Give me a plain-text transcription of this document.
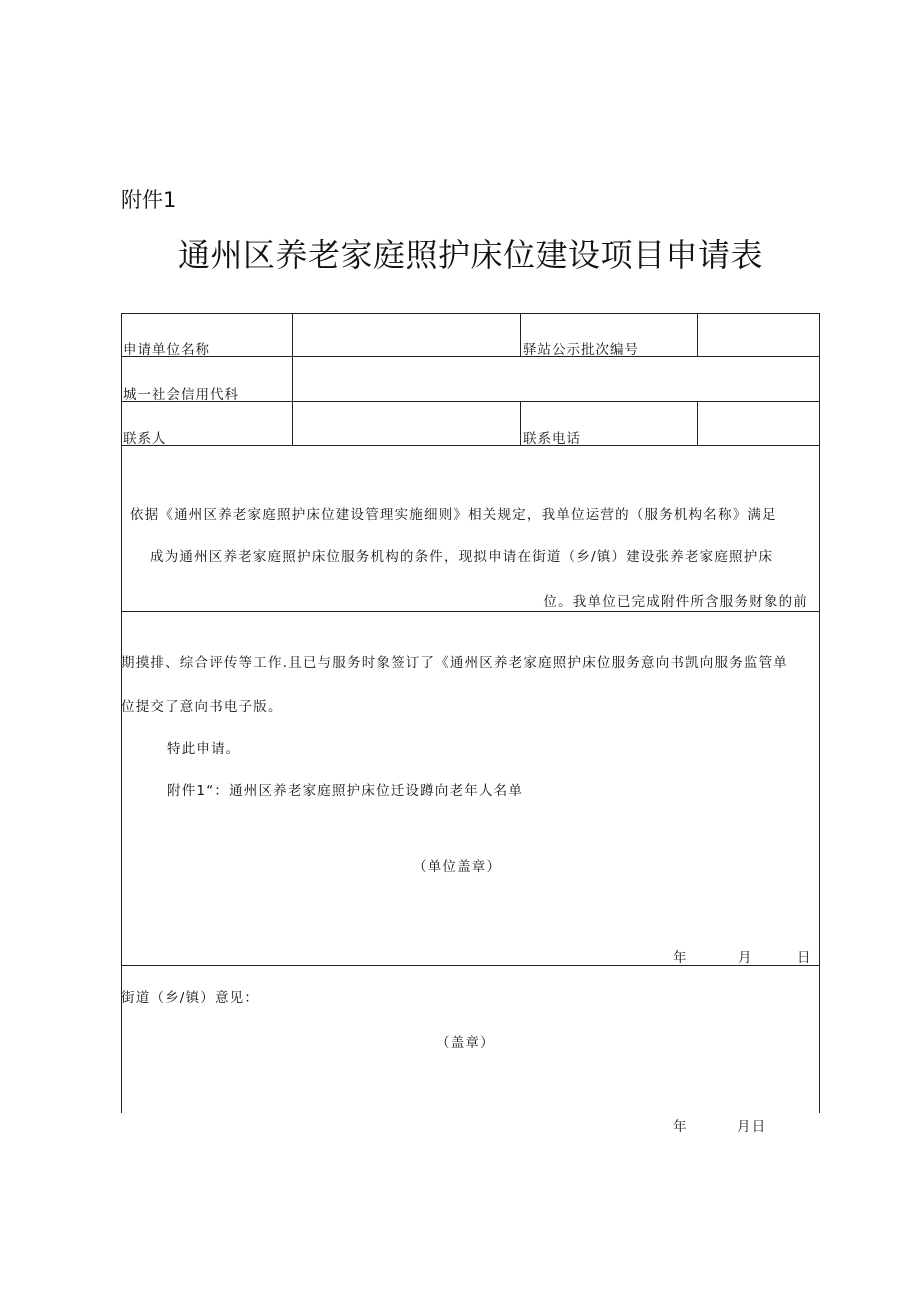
附件1
通州区养老家庭照护床位建设项目申请表
申请单位名称	驿站公示批次编号
城一社会信用代科
联系人	联系电话
依据《通州区养老家庭照护床位建设管理实施细则》相关规定，我单位运营的（服务机构名称》满足
成为通州区养老家庭照护床位服务机构的条件，现拟申请在街道（乡/镇）建设张养老家庭照护床
位。我单位已完成附件所含服务财象的前
期摸排、综合评传等工作.且已与服务时象签订了《通州区养老家庭照护床位服务意向书凯向服务监管单
位提交了意向书电子版。
特此申请。
附件1“：通州区养老家庭照护床位迁设蹲向老年人名单
（单位盖章）
年	月	日
街道（乡/镇）意见：
（盖章）
年	月日
